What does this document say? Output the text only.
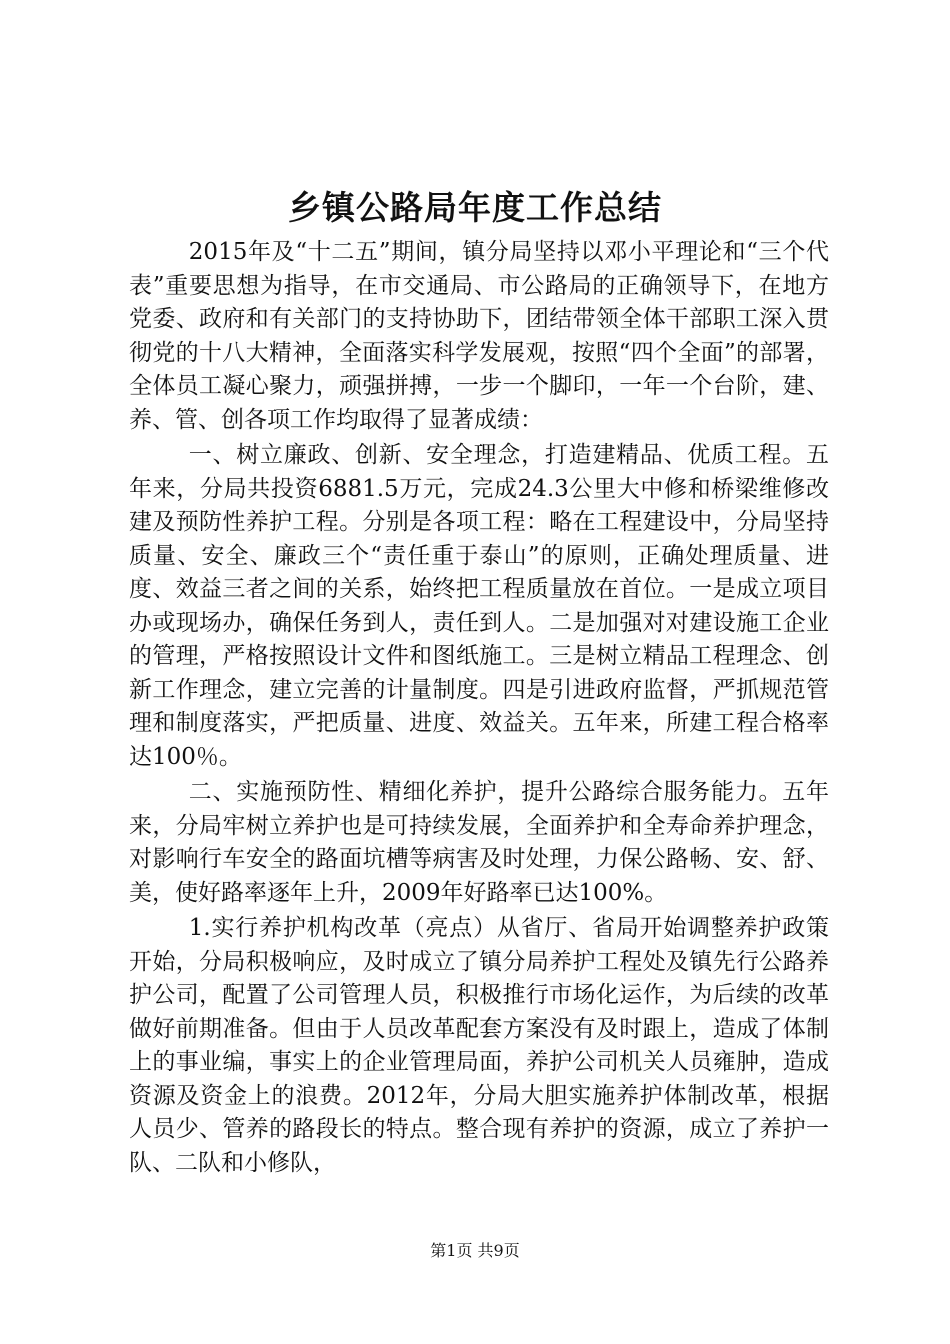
乡镇公路局年度工作总结

2015年及“十二五”期间，镇分局坚持以邓小平理论和“三个代表”重要思想为指导，在市交通局、市公路局的正确领导下，在地方党委、政府和有关部门的支持协助下，团结带领全体干部职工深入贯彻党的十八大精神，全面落实科学发展观，按照“四个全面”的部署，全体员工凝心聚力，顽强拼搏，一步一个脚印，一年一个台阶，建、养、管、创各项工作均取得了显著成绩：

一、树立廉政、创新、安全理念，打造建精品、优质工程。五年来，分局共投资6881.5万元，完成24.3公里大中修和桥梁维修改建及预防性养护工程。分别是各项工程：略在工程建设中，分局坚持质量、安全、廉政三个“责任重于泰山”的原则，正确处理质量、进度、效益三者之间的关系，始终把工程质量放在首位。一是成立项目办或现场办，确保任务到人，责任到人。二是加强对对建设施工企业的管理，严格按照设计文件和图纸施工。三是树立精品工程理念、创新工作理念，建立完善的计量制度。四是引进政府监督，严抓规范管理和制度落实，严把质量、进度、效益关。五年来，所建工程合格率达100％。

二、实施预防性、精细化养护，提升公路综合服务能力。五年来，分局牢树立养护也是可持续发展，全面养护和全寿命养护理念，对影响行车安全的路面坑槽等病害及时处理，力保公路畅、安、舒、美，使好路率逐年上升，2009年好路率已达100%。

1.实行养护机构改革（亮点）从省厅、省局开始调整养护政策开始，分局积极响应，及时成立了镇分局养护工程处及镇先行公路养护公司，配置了公司管理人员，积极推行市场化运作，为后续的改革做好前期准备。但由于人员改革配套方案没有及时跟上，造成了体制上的事业编，事实上的企业管理局面，养护公司机关人员雍肿，造成资源及资金上的浪费。2012年，分局大胆实施养护体制改革，根据人员少、管养的路段长的特点。整合现有养护的资源，成立了养护一队、二队和小修队，

第1页 共9页
